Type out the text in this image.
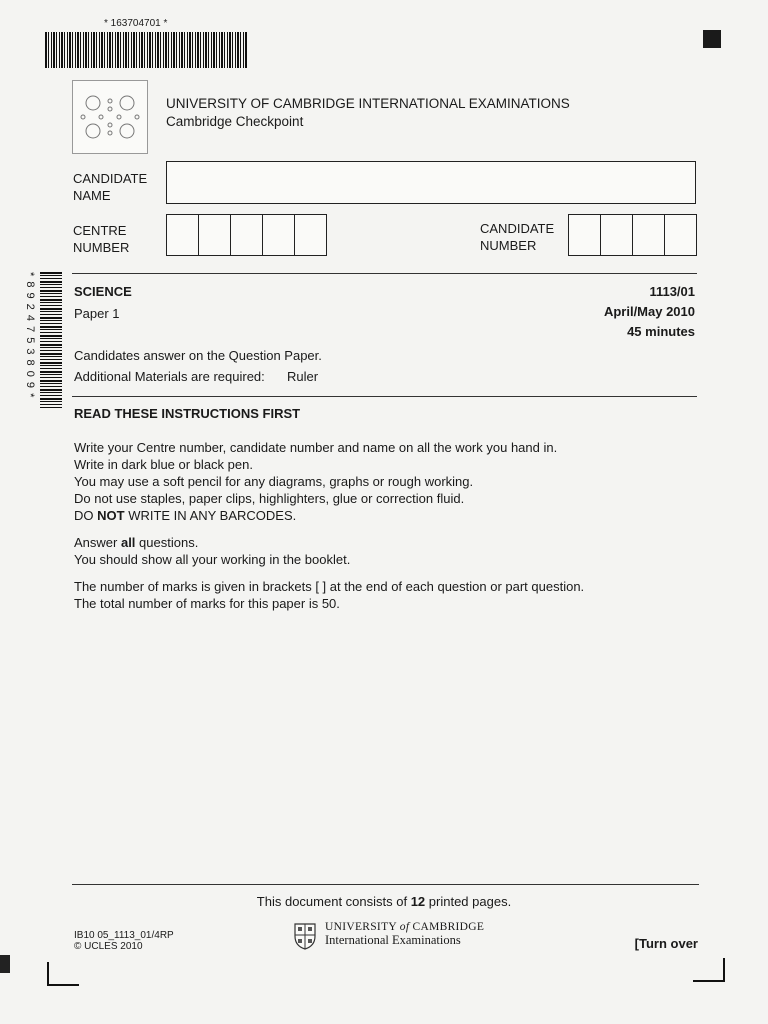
* 163704701 *
UNIVERSITY OF CAMBRIDGE INTERNATIONAL EXAMINATIONS
Cambridge Checkpoint
CANDIDATE
NAME
CENTRE
NUMBER
CANDIDATE
NUMBER
* 8 9 2 4 7 5 3 8 0 9 *	SCIENCE
Paper 1
1113/01
April/May 2010
45 minutes
Candidates answer on the Question Paper.
Additional Materials are required: Ruler
READ THESE INSTRUCTIONS FIRST
Write your Centre number, candidate number and name on all the work you hand in.
Write in dark blue or black pen.
You may use a soft pencil for any diagrams, graphs or rough working.
Do not use staples, paper clips, highlighters, glue or correction fluid.
DO NOT WRITE IN ANY BARCODES.
Answer all questions.
You should show all your working in the booklet.
The number of marks is given in brackets [ ] at the end of each question or part question.
The total number of marks for this paper is 50.
This document consists of 12 printed pages.
IB10 05_1113_01/4RP
© UCLES 2010
UNIVERSITY of CAMBRIDGE
International Examinations	[Turn over
